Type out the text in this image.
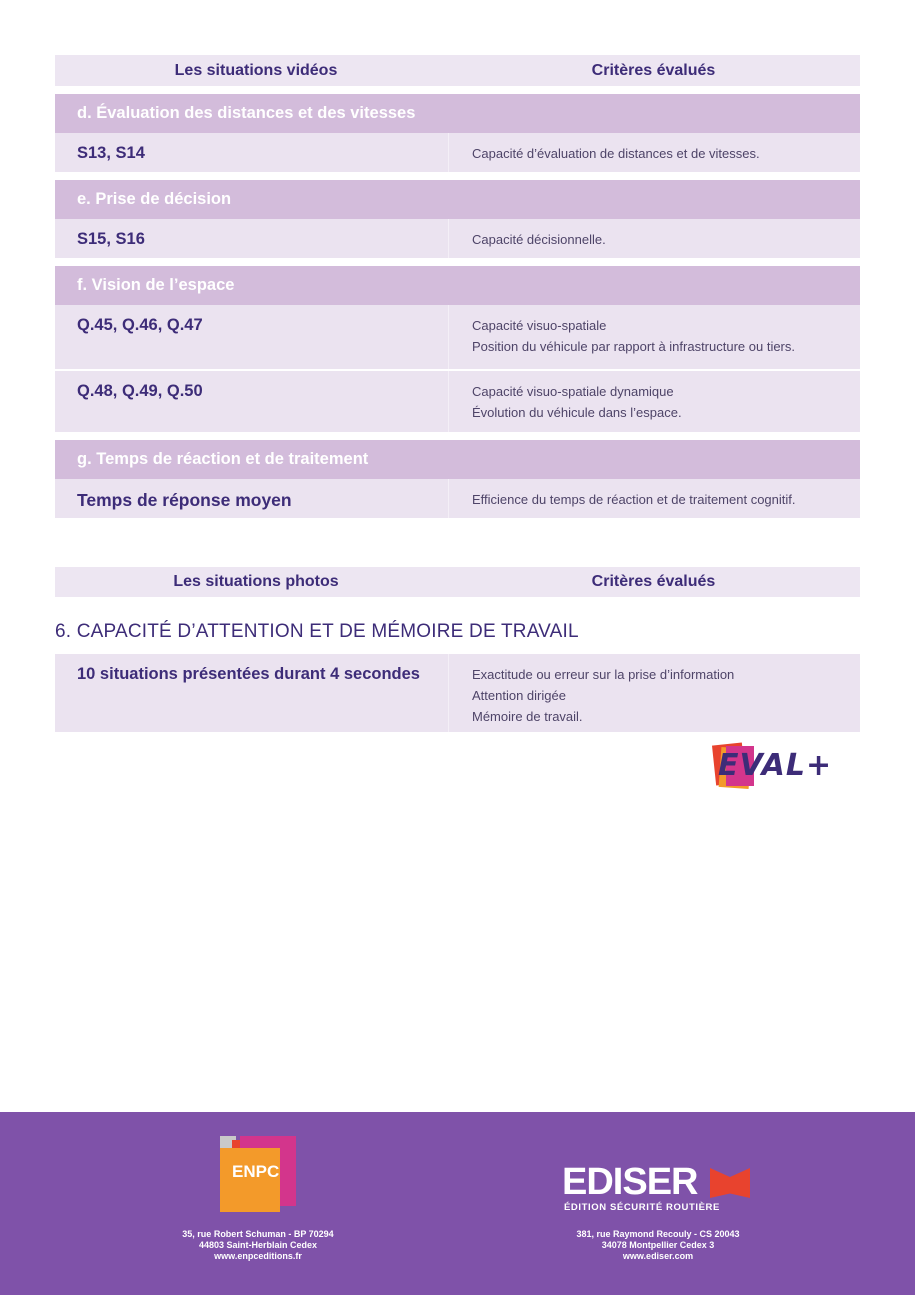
Les situations vidéos	Critères évalués
d. Évaluation des distances et des vitesses
S13, S14	Capacité d’évaluation de distances et de vitesses.
e. Prise de décision
S15, S16	Capacité décisionnelle.
f. Vision de l’espace
Q.45, Q.46, Q.47	Capacité visuo-spatiale
Position du véhicule par rapport à infrastructure ou tiers.
Q.48, Q.49, Q.50	Capacité visuo-spatiale dynamique
Évolution du véhicule dans l’espace.
g. Temps de réaction et de traitement
Temps de réponse moyen	Efficience du temps de réaction et de traitement cognitif.
Les situations photos	Critères évalués
6. CAPACITÉ D’ATTENTION ET DE MÉMOIRE DE TRAVAIL
10 situations présentées durant 4 secondes	Exactitude ou erreur sur la prise d’information
Attention dirigée
Mémoire de travail.
EVAL+
ENPC
35, rue Robert Schuman - BP 70294
44803 Saint-Herblain Cedex
www.enpceditions.fr
EDISER
ÉDITION SÉCURITÉ ROUTIÈRE
381, rue Raymond Recouly - CS 20043
34078 Montpellier Cedex 3
www.ediser.com
